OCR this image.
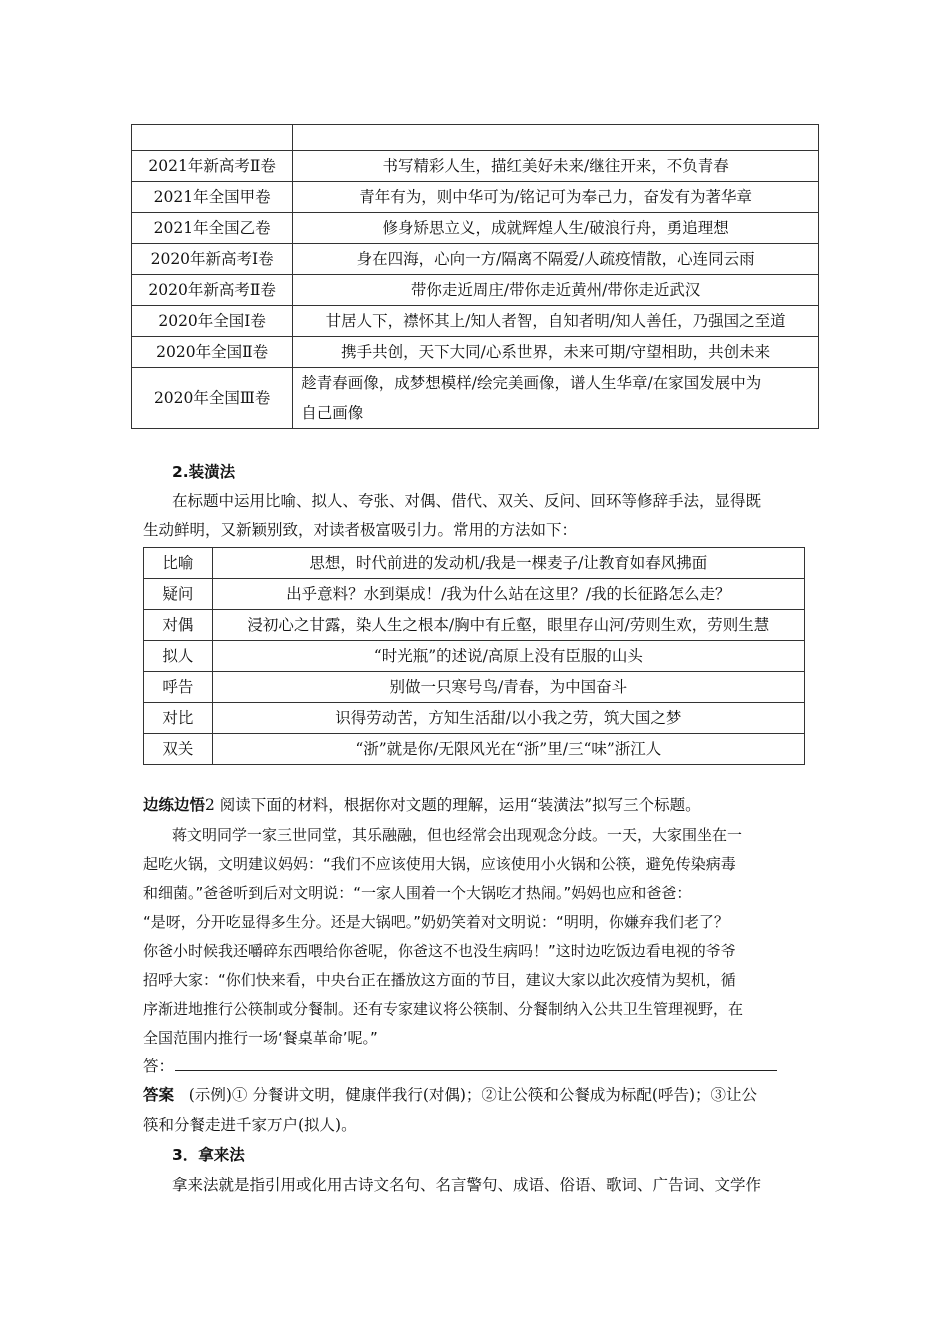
2021年新高考Ⅱ卷	书写精彩人生，描红美好未来/继往开来，不负青春
2021年全国甲卷	青年有为，则中华可为/铭记可为奉己力，奋发有为著华章
2021年全国乙卷	修身矫思立义，成就辉煌人生/破浪行舟，勇追理想
2020年新高考Ⅰ卷	身在四海，心向一方/隔离不隔爱/人疏疫情散，心连同云雨
2020年新高考Ⅱ卷	带你走近周庄/带你走近黄州/带你走近武汉
2020年全国Ⅰ卷	甘居人下，襟怀其上/知人者智，自知者明/知人善任，乃强国之至道
2020年全国Ⅱ卷	携手共创，天下大同/心系世界，未来可期/守望相助，共创未来
2020年全国Ⅲ卷	趁青春画像，成梦想模样/绘完美画像，谱人生华章/在家国发展中为
自己画像
2.装潢法
在标题中运用比喻、拟人、夸张、对偶、借代、双关、反问、回环等修辞手法，显得既
生动鲜明，又新颖别致，对读者极富吸引力。常用的方法如下：
比喻	思想，时代前进的发动机/我是一棵麦子/让教育如春风拂面
疑问	出乎意料？水到渠成！/我为什么站在这里？/我的长征路怎么走？
对偶	浸初心之甘露，染人生之根本/胸中有丘壑，眼里存山河/劳则生欢，劳则生慧
拟人	“时光瓶”的述说/高原上没有臣服的山头
呼告	别做一只寒号鸟/青春，为中国奋斗
对比	识得劳动苦，方知生活甜/以小我之劳，筑大国之梦
双关	“浙”就是你/无限风光在“浙”里/三“味”浙江人
边练边悟2 阅读下面的材料，根据你对文题的理解，运用“装潢法”拟写三个标题。
蒋文明同学一家三世同堂，其乐融融，但也经常会出现观念分歧。一天，大家围坐在一
起吃火锅，文明建议妈妈：“我们不应该使用大锅，应该使用小火锅和公筷，避免传染病毒
和细菌。”爸爸听到后对文明说：“一家人围着一个大锅吃才热闹。”妈妈也应和爸爸：
“是呀，分开吃显得多生分。还是大锅吧。”奶奶笑着对文明说：“明明，你嫌弃我们老了？
你爸小时候我还嚼碎东西喂给你爸呢，你爸这不也没生病吗！”这时边吃饭边看电视的爷爷
招呼大家：“你们快来看，中央台正在播放这方面的节目，建议大家以此次疫情为契机，循
序渐进地推行公筷制或分餐制。还有专家建议将公筷制、分餐制纳入公共卫生管理视野，在
全国范围内推行一场‘餐桌革命’呢。”
答：
答案 (示例)① 分餐讲文明，健康伴我行(对偶)；②让公筷和公餐成为标配(呼告)；③让公
筷和分餐走进千家万户(拟人)。
3．拿来法
拿来法就是指引用或化用古诗文名句、名言警句、成语、俗语、歌词、广告词、文学作
